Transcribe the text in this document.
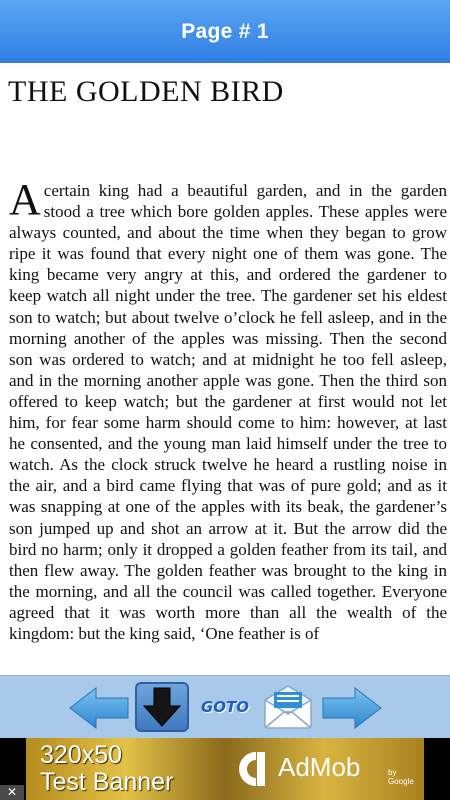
Page # 1
THE GOLDEN BIRD
A certain king had a beautiful garden, and in the garden stood a tree which bore golden apples. These apples were always counted, and about the time when they began to grow ripe it was found that every night one of them was gone. The king became very angry at this, and ordered the gardener to keep watch all night under the tree. The gardener set his eldest son to watch; but about twelve o’clock he fell asleep, and in the morning another of the apples was missing. Then the second son was ordered to watch; and at midnight he too fell asleep, and in the morning another apple was gone. Then the third son offered to keep watch; but the gardener at first would not let him, for fear some harm should come to him: however, at last he consented, and the young man laid himself under the tree to watch. As the clock struck twelve he heard a rustling noise in the air, and a bird came flying that was of pure gold; and as it was snapping at one of the apples with its beak, the gardener’s son jumped up and shot an arrow at it. But the arrow did the bird no harm; only it dropped a golden feather from its tail, and then flew away. The golden feather was brought to the king in the morning, and all the council was called together. Everyone agreed that it was worth more than all the wealth of the kingdom: but the king said, ‘One feather is of
GOTO
320x50
Test Banner	AdMob	by Google
✕
